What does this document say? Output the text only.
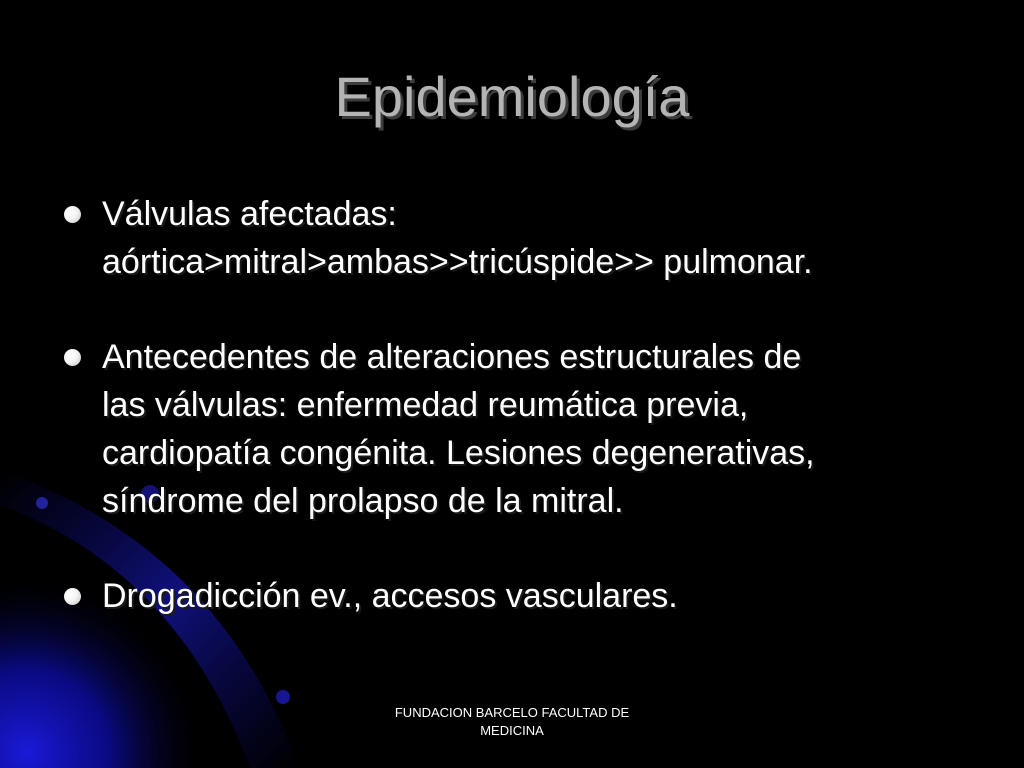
Epidemiología
Válvulas afectadas:
aórtica>mitral>ambas>>tricúspide>> pulmonar.
Antecedentes de alteraciones estructurales de
las válvulas: enfermedad reumática previa,
cardiopatía congénita. Lesiones degenerativas,
síndrome del prolapso de la mitral.
Drogadicción ev., accesos vasculares.
FUNDACION BARCELO FACULTAD DE
MEDICINA
